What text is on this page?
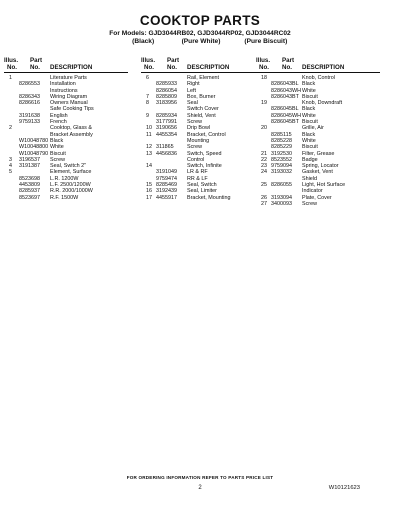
COOKTOP PARTS
For Models: GJD3044RB02, GJD3044RP02, GJD3044RC02
(Black)	(Pure White)	(Pure Biscuit)
Illus.
No.
Part
No. DESCRIPTION
1	Literature Parts
8286553 Installation
Instructions
8286343 Wiring Diagram
8286616 Owners Manual
Safe Cooking Tips
3191638 English
9759133 French
2	Cooktop, Glass &
Bracket Assembly
W10048780 Black
W10048800 White
W10048790 Biscuit
3	3196537 Screw
4	3191387 Seal, Switch 2"
5	Element, Surface
8523698 L.R. 1200W
4453809 L.F. 2500/1200W
8285937 R.R. 2000/1000W
8523697 R.F. 1500W
Illus.
No.
Part
No. DESCRIPTION
6	Rail, Element
8285933 Right
8286054 Left
7	8285809 Box, Burner
8	3183956 Seal
Switch Cover
9	8285934 Shield, Vent
3177991 Screw
10 3190656 Drip Bowl
11 4455354 Bracket, Control
Mounting
12 311865 Screw
13 4456836 Switch, Speed
Control
14	Switch, Infinite
3191049 LR & RF
9759474 RR & LF
15 8285469 Seal, Switch
16 3192439 Seal, Limiter
17 4455917 Bracket, Mounting
Illus.
No.
Part
No. DESCRIPTION
18	Knob, Control
8286043BL Black
8286043WH White
8286043BT Biscuit
19	Knob, Downdraft
8286045BL Black
8286045WH White
8286045BT Biscuit
20	Grille, Air
8285115 Black
8285228 White
8285229 Biscuit
21 3192530 Filter, Grease
22 8523552 Badge
23 9759094 Spring, Locator
24 3193032 Gasket, Vent
Shield
25 8286055 Light, Hot Surface
Indicator
26 3193094 Plate, Cover
27 3400093 Screw
FOR ORDERING INFORMATION REFER TO PARTS PRICE LIST
2	W10121623
